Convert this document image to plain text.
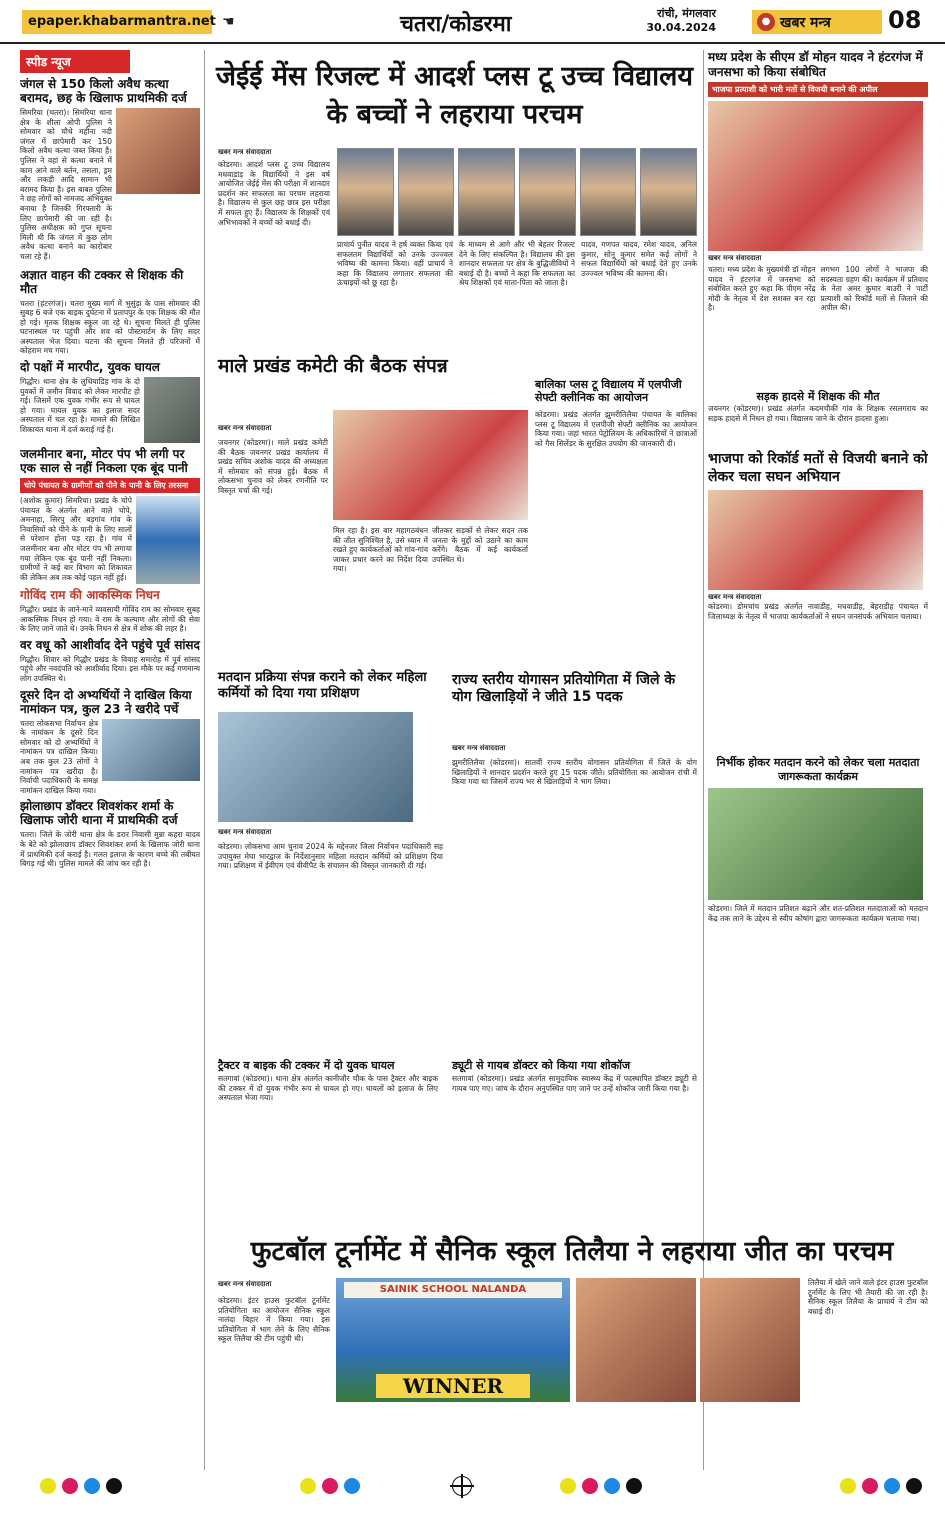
epaper.khabarmantra.net ☚	चतरा/कोडरमा	रांची, मंगलवार
30.04.2024	● खबर मन्त्र	08
स्पीड न्यूज
जंगल से 150 किलो अवैध कत्था बरामद, छह के खिलाफ प्राथमिकी दर्ज
सिमरिया (चतरा)। सिमरिया थाना क्षेत्र के शीला ओपी पुलिस ने सोमवार को चौथे महीना नदी जंगल में छापेमारी कर 150 किलो अवैध कत्था जब्त किया है। पुलिस ने वहां से कत्था बनाने में काम आने वाले बर्तन, तसला, ड्रम और लकड़ी आदि सामान भी बरामद किया है। इस बाबत पुलिस ने छह लोगों को नामजद अभियुक्त बनाया है जिनकी गिरफ्तारी के लिए छापेमारी की जा रही है। पुलिस अधीक्षक को गुप्त सूचना मिली थी कि जंगल में कुछ लोग अवैध कत्था बनाने का कारोबार चला रहे हैं।
अज्ञात वाहन की टक्कर से शिक्षक की मौत
चतरा (हंटरगंज)। चतरा मुख्य मार्ग में भुसुंड़ा के पास सोमवार की सुबह 6 बजे एक बाइक दुर्घटना में प्रतापपुर के एक शिक्षक की मौत हो गई। मृतक शिक्षक स्कूल जा रहे थे। सूचना मिलते ही पुलिस घटनास्थल पर पहुंची और शव को पोस्टमार्टम के लिए सदर अस्पताल भेज दिया। घटना की सूचना मिलते ही परिजनों में कोहराम मच गया।
दो पक्षों में मारपीट, युवक घायल
गिद्धौर। थाना क्षेत्र के लुधियाडिह गांव के दो युवकों में जमीन विवाद को लेकर मारपीट हो गई। जिसमें एक युवक गंभीर रूप से घायल हो गया। घायल युवक का इलाज सदर अस्पताल में चल रहा है। मामले की लिखित शिकायत थाना में दर्ज कराई गई है।
जलमीनार बना, मोटर पंप भी लगी पर एक साल से नहीं निकला एक बूंद पानी
चोपे पंचायत के ग्रामीणों को पीने के पानी के लिए तरसना
(अशोक कुमार) सिमरिया। प्रखंड के चोपे पंचायत के अंतर्गत आने वाले चोपे, अमनाहा, सिरपु और बड़गांव गांव के निवासियों को पीने के पानी के लिए सालों से परेशान होना पड़ रहा है। गांव में जलमीनार बना और मोटर पंप भी लगाया गया लेकिन एक बूंद पानी नहीं निकला। ग्रामीणों ने कई बार विभाग को शिकायत की लेकिन अब तक कोई पहल नहीं हुई।
गोविंद राम की आकस्मिक निधन
गिद्धौर। प्रखंड के जाने-माने व्यवसायी गोविंद राम का सोमवार सुबह आकस्मिक निधन हो गया। वे राम के कल्याण और लोगों की सेवा के लिए जाने जाते थे। उनके निधन से क्षेत्र में शोक की लहर है।
वर वधू को आशीर्वाद देने पहुंचे पूर्व सांसद
गिद्धौर। शिवार को गिद्धौर प्रखंड के विवाह समारोह में पूर्व सांसद पहुंचे और नवदंपति को आशीर्वाद दिया। इस मौके पर कई गणमान्य लोग उपस्थित थे।
दूसरे दिन दो अभ्यर्थियों ने दाखिल किया नामांकन पत्र, कुल 23 ने खरीदे पर्चे
चतरा लोकसभा निर्वाचन क्षेत्र के नामांकन के दूसरे दिन सोमवार को दो अभ्यर्थियों ने नामांकन पत्र दाखिल किया। अब तक कुल 23 लोगों ने नामांकन पत्र खरीदा है। निर्वाची पदाधिकारी के समक्ष नामांकन दाखिल किया गया।
झोलाछाप डॉक्टर शिवशंकर शर्मा के खिलाफ जोरी थाना में प्राथमिकी दर्ज
चतरा। जिले के जोरी थाना क्षेत्र के डरार निवासी मुन्ना कहरा यादव के बेटे को झोलाछाप डॉक्टर शिवशंकर शर्मा के खिलाफ जोरी थाना में प्राथमिकी दर्ज कराई है। गलत इलाज के कारण बच्चे की तबीयत बिगड़ गई थी। पुलिस मामले की जांच कर रही है।
जेईई मेंस रिजल्ट में आदर्श प्लस टू उच्च विद्यालय के बच्चों ने लहराया परचम
खबर मन्त्र संवाददाता
कोडरमा। आदर्श प्लस टू उच्च विद्यालय मधवाडांड़ के विद्यार्थियों ने इस वर्ष आयोजित जेईई मेंस की परीक्षा में शानदार प्रदर्शन कर सफलता का परचम लहराया है। विद्यालय से कुल छह छात्र इस परीक्षा में सफल हुए हैं। विद्यालय के शिक्षकों एवं अभिभावकों ने बच्चों को बधाई दी।
प्राचार्य पुनीत यादव ने हर्ष व्यक्त किया एवं सफलतम विद्यार्थियों को उनके उज्ज्वल भविष्य की कामना किया। वहीं प्राचार्य ने कहा कि विद्यालय लगातार सफलता की ऊंचाइयों को छू रहा है।
के माध्यम से आगे और भी बेहतर रिजल्ट देने के लिए संकल्पित है। विद्यालय की इस शानदार सफलता पर क्षेत्र के बुद्धिजीवियों ने बधाई दी है। बच्चों ने कहा कि सफलता का श्रेय शिक्षकों एवं माता-पिता को जाता है।
यादव, गणपत यादव, रमेश यादव, अनिल कुमार, सोनू कुमार समेत कई लोगों ने सफल विद्यार्थियों को बधाई देते हुए उनके उज्ज्वल भविष्य की कामना की।
माले प्रखंड कमेटी की बैठक संपन्न
खबर मन्त्र संवाददाता
जयनगर (कोडरमा)। माले प्रखंड कमेटी की बैठक जयनगर प्रखंड कार्यालय में प्रखंड सचिव अशोक यादव की अध्यक्षता में सोमवार को संपन्न हुई। बैठक में लोकसभा चुनाव को लेकर रणनीति पर विस्तृत चर्चा की गई।
मिल रहा है। इस बार महागठबंधन की जीत सुनिश्चित है, उसे ध्यान में रखते हुए कार्यकर्ताओं को गांव-गांव जाकर प्रचार करने का निर्देश दिया गया।
जीतकर सड़कों से लेकर सदन तक जनता के मुद्दों को उठाने का काम करेंगे। बैठक में कई कार्यकर्ता उपस्थित थे।
बालिका प्लस टू विद्यालय में एलपीजी सेफ्टी क्लीनिक का आयोजन
कोडरमा। प्रखंड अंतर्गत झुमरीतिलैया पंचायत के बालिका प्लस टू विद्यालय में एलपीजी सेफ्टी क्लीनिक का आयोजन किया गया। जहां भारत पेट्रोलियम के अधिकारियों ने छात्राओं को गैस सिलेंडर के सुरक्षित उपयोग की जानकारी दी।
मतदान प्रक्रिया संपन्न कराने को लेकर महिला कर्मियों को दिया गया प्रशिक्षण
खबर मन्त्र संवाददाता
कोडरमा। लोकसभा आम चुनाव 2024 के मद्देनजर जिला निर्वाचन पदाधिकारी सह उपायुक्त मेघा भारद्वाज के निर्देशानुसार महिला मतदान कर्मियों को प्रशिक्षण दिया गया। प्रशिक्षण में ईवीएम एवं वीवीपैट के संचालन की विस्तृत जानकारी दी गई।
राज्य स्तरीय योगासन प्रतियोगिता में जिले के योग खिलाड़ियों ने जीते 15 पदक
खबर मन्त्र संवाददाता
झुमरीतिलैया (कोडरमा)। सातवीं राज्य स्तरीय योगासन प्रतियोगिता में जिले के योग खिलाड़ियों ने शानदार प्रदर्शन करते हुए 15 पदक जीते। प्रतियोगिता का आयोजन रांची में किया गया था जिसमें राज्य भर से खिलाड़ियों ने भाग लिया।
ट्रैक्टर व बाइक की टक्कर में दो युवक घायल
सतगावां (कोडरमा)। थाना क्षेत्र अंतर्गत कानीजौर चौक के पास ट्रैक्टर और बाइक की टक्कर में दो युवक गंभीर रूप से घायल हो गए। घायलों को इलाज के लिए अस्पताल भेजा गया।
ड्यूटी से गायब डॉक्टर को किया गया शोकॉज
सतगावां (कोडरमा)। प्रखंड अंतर्गत सामुदायिक स्वास्थ्य केंद्र में पदस्थापित डॉक्टर ड्यूटी से गायब पाए गए। जांच के दौरान अनुपस्थित पाए जाने पर उन्हें शोकॉज जारी किया गया है।
मध्य प्रदेश के सीएम डॉ मोहन यादव ने हंटरगंज में जनसभा को किया संबोधित
भाजपा प्रत्याशी को भारी मतों से विजयी बनाने की अपील
खबर मन्त्र संवाददाता
चतरा। मध्य प्रदेश के मुख्यमंत्री डॉ मोहन यादव ने हंटरगंज में जनसभा को संबोधित करते हुए कहा कि पीएम नरेंद्र मोदी के नेतृत्व में देश सशक्त बन रहा है।
लगभग 100 लोगों ने भाजपा की सदस्यता ग्रहण की। कार्यक्रम में प्रतिवाद के नेता अमर कुमार बाउरी ने पार्टी प्रत्याशी को रिकॉर्ड मतों से जिताने की अपील की।
सड़क हादसे में शिक्षक की मौत
जयनगर (कोडरमा)। प्रखंड अंतर्गत कदमचौकी गांव के शिक्षक रसलगराय का सड़क हादसे में निधन हो गया। विद्यालय जाने के दौरान हादसा हुआ।
भाजपा को रिकॉर्ड मतों से विजयी बनाने को लेकर चला सघन अभियान
खबर मन्त्र संवाददाता
कोडरमा। डोमचांच प्रखंड अंतर्गत नावाडीह, मधवाडीह, बेहराडीह पंचायत में जिलाध्यक्ष के नेतृत्व में भाजपा कार्यकर्ताओं ने सघन जनसंपर्क अभियान चलाया।
निर्भीक होकर मतदान करने को लेकर चला मतदाता जागरूकता कार्यक्रम
कोडरमा। जिले में मतदान प्रतिशत बढ़ाने और शत-प्रतिशत मतदाताओं को मतदान केंद्र तक लाने के उद्देश्य से स्वीप कोषांग द्वारा जागरूकता कार्यक्रम चलाया गया।
फुटबॉल टूर्नामेंट में सैनिक स्कूल तिलैया ने लहराया जीत का परचम
खबर मन्त्र संवाददाता
कोडरमा। इंटर हाउस फुटबॉल टूर्नामेंट प्रतियोगिता का आयोजन सैनिक स्कूल नालंदा बिहार में किया गया। इस प्रतियोगिता में भाग लेने के लिए सैनिक स्कूल तिलैया की टीम पहुंची थी।
SAINIK SCHOOL NALANDA
WINNER
तिलैया में खेले जाने वाले इंटर हाउस फुटबॉल टूर्नामेंट के लिए भी तैयारी की जा रही है। सैनिक स्कूल तिलैया के प्राचार्य ने टीम को बधाई दी।
